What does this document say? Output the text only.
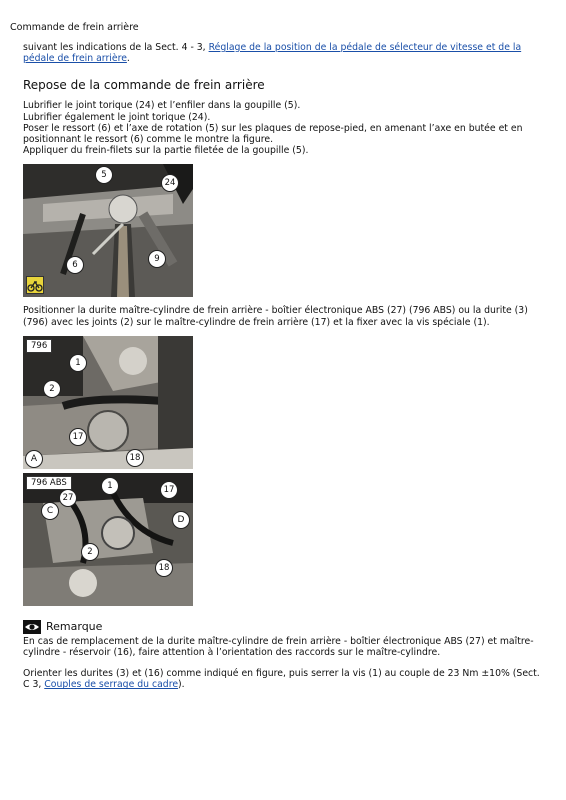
Commande de frein arrière
suivant les indications de la Sect. 4 - 3, Réglage de la position de la pédale de sélecteur de vitesse et de la pédale de frein arrière.
Repose de la commande de frein arrière

Lubrifier le joint torique (24) et l’enfiler dans la goupille (5).

Lubrifier également le joint torique (24).

Poser le ressort (6) et l’axe de rotation (5) sur les plaques de repose-pied, en amenant l’axe en butée et en positionnant le ressort (6) comme le montre la figure.

Appliquer du frein-filets sur la partie filetée de la goupille (5).

5
24
9
6
Positionner la durite maître-cylindre de frein arrière - boîtier électronique ABS (27) (796 ABS) ou la durite (3) (796) avec les joints (2) sur le maître-cylindre de frein arrière (17) et la fixer avec la vis spéciale (1).
796
1
2
17
18
A
796 ABS
27
1	17
C
D
2
18
Remarque
En cas de remplacement de la durite maître-cylindre de frein arrière - boîtier électronique ABS (27) et maître-cylindre - réservoir (16), faire attention à l’orientation des raccords sur le maître-cylindre.
Orienter les durites (3) et (16) comme indiqué en figure, puis serrer la vis (1) au couple de 23 Nm ±10% (Sect. C 3, Couples de serrage du cadre).
